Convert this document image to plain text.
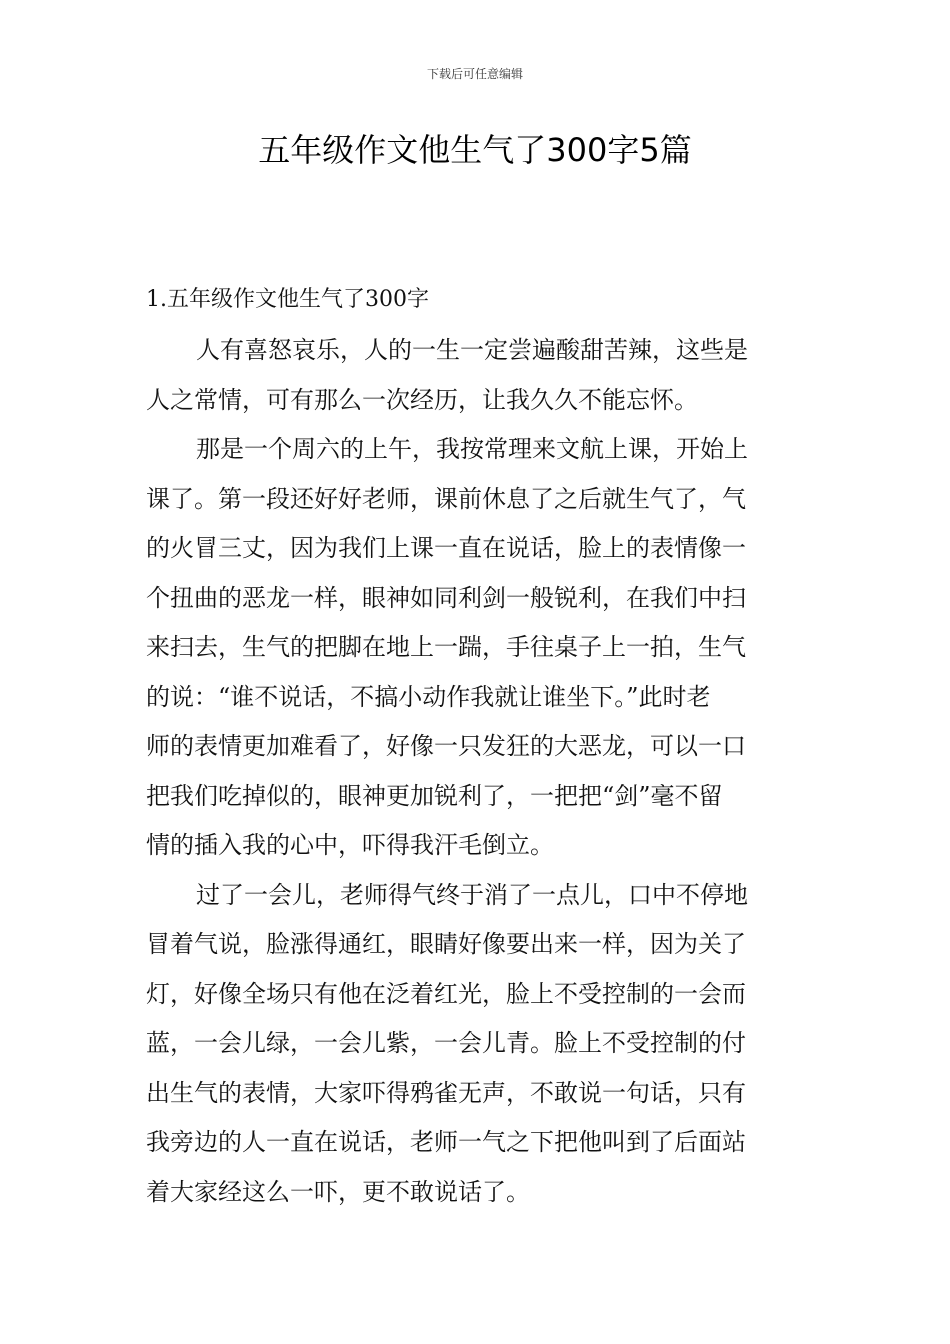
下载后可任意编辑
五年级作文他生气了300字5篇
1.五年级作文他生气了300字

人有喜怒哀乐，人的一生一定尝遍酸甜苦辣，这些是
人之常情，可有那么一次经历，让我久久不能忘怀。

那是一个周六的上午，我按常理来文航上课，开始上
课了。第一段还好好老师，课前休息了之后就生气了，气
的火冒三丈，因为我们上课一直在说话，脸上的表情像一
个扭曲的恶龙一样，眼神如同利剑一般锐利，在我们中扫
来扫去，生气的把脚在地上一踹，手往桌子上一拍，生气
的说：“谁不说话，不搞小动作我就让谁坐下。”此时老
师的表情更加难看了，好像一只发狂的大恶龙，可以一口
把我们吃掉似的，眼神更加锐利了，一把把“剑”毫不留
情的插入我的心中，吓得我汗毛倒立。

过了一会儿，老师得气终于消了一点儿，口中不停地
冒着气说，脸涨得通红，眼睛好像要出来一样，因为关了
灯，好像全场只有他在泛着红光，脸上不受控制的一会而
蓝，一会儿绿，一会儿紫，一会儿青。脸上不受控制的付
出生气的表情，大家吓得鸦雀无声，不敢说一句话，只有
我旁边的人一直在说话，老师一气之下把他叫到了后面站
着大家经这么一吓，更不敢说话了。
